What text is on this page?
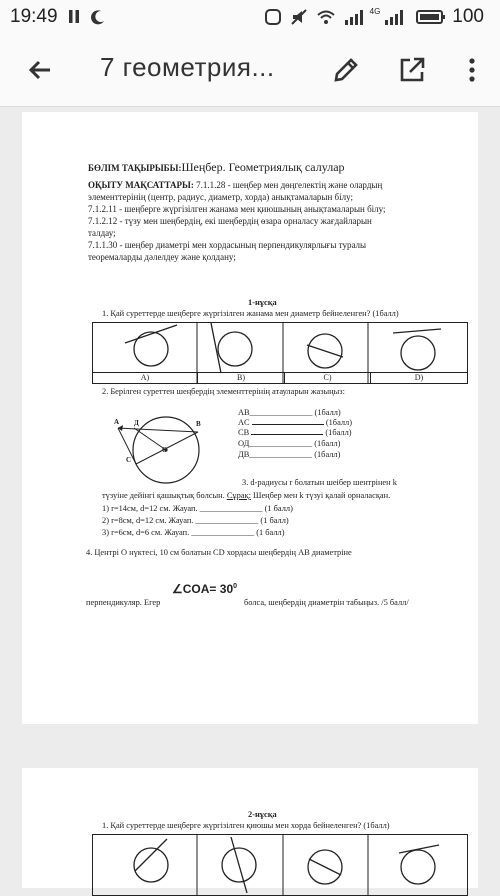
19:49
	4G	100
7 геометрия...
БӨЛІМ ТАҚЫРЫБЫ:Шеңбер. Геометриялық салулар
ОҚЫТУ МАҚСАТТАРЫ: 7.1.1.28 - шеңбер мен дөңгелектің және олардың
элементтерінің (центр, радиус, диаметр, хорда) анықтамаларын білу;
7.1.2.11 - шеңберге жүргізілген жанама мен қиюшының анықтамаларын білу;
7.1.2.12 - түзу мен шеңбердің, екі шеңбердің өзара орналасу жағдайларын
талдау;
7.1.1.30 - шеңбер диаметрі мен хордасының перпендикулярлығы туралы
теоремаларды дәлелдеу және қолдану;
1-нұсқа
1. Қай суреттерде шеңберге жүргізілген жанама мен диаметр бейнеленген? (1балл)
A)	B)	C)	D)
2. Берілген суреттен шеңбердің элементтерінің атауларын жазыңыз:
A Д	B
O
C
AB_______________ (1балл)
AC	(1балл)
CB	(1балл)
ОД_______________ (1балл)
ДВ_______________ (1балл)
3. d-радиусы r болатын шеібер шентрінен k
түзуіне дейінгі қашықтық болсын. Сұрақ: Шеңбер мен k түзуі қалай орналасқан.
1) r=14см, d=12 см. Жауап. _______________ (1 балл)
2) r=8см, d=12 см. Жауап. _______________ (1 балл)
3) r=6см, d=6 см. Жауап. _______________ (1 балл)
4. Центрі О нүктесі, 10 см болатын CD хордасы шеңбердің AB диаметріне
перпендикуляр. Егер
∠COA= $30^0$
болса, шеңбердің диаметрін табыңыз. /5 балл/
2-нұсқа
1. Қай суреттерде шеңберге жүргізілген қиюшы мен хорда бейнеленген? (1балл)
